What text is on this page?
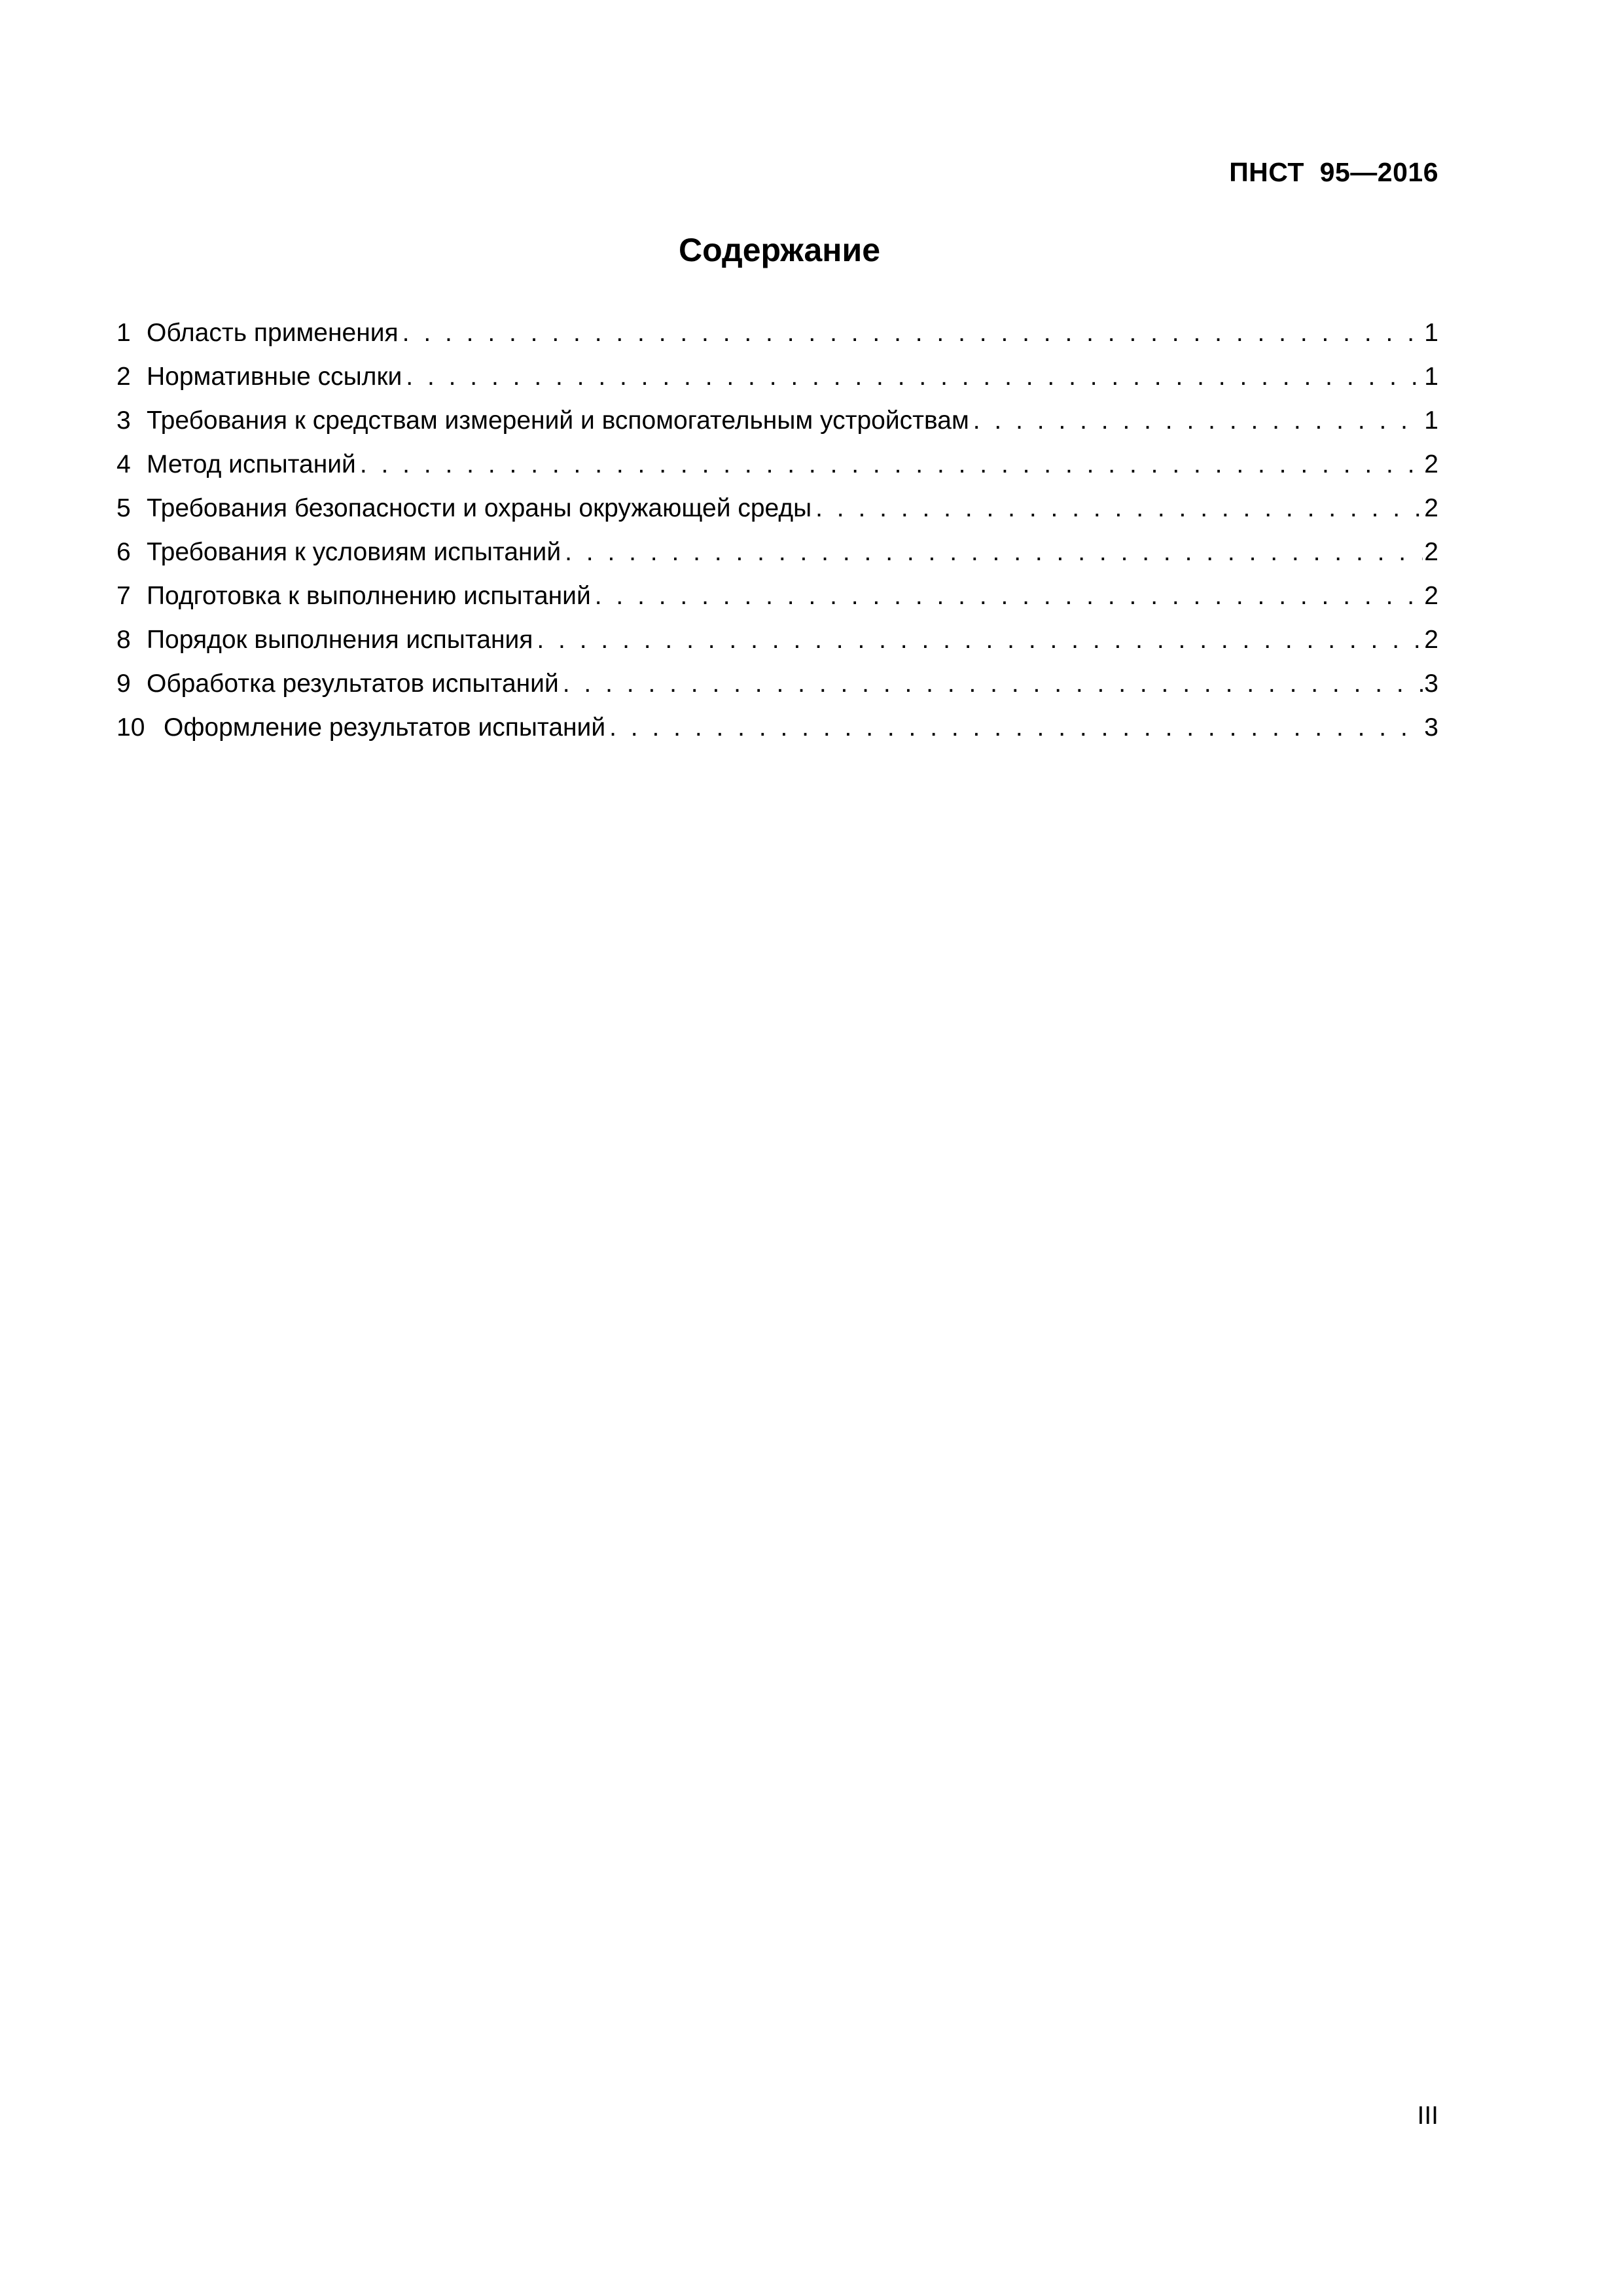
ПНСТ  95—2016
Содержание
1 Область применения . . .	1
2 Нормативные ссылки . . .	1
3 Требования к средствам измерений и вспомогательным устройствам . . .	1
4 Метод испытаний . . .	2
5 Требования безопасности и охраны окружающей среды . . .	2
6 Требования к условиям испытаний . . .	2
7 Подготовка к выполнению испытаний . . .	2
8 Порядок выполнения испытания . . .	2
9 Обработка результатов испытаний . . .	3
10 Оформление результатов испытаний . . .	3
III
